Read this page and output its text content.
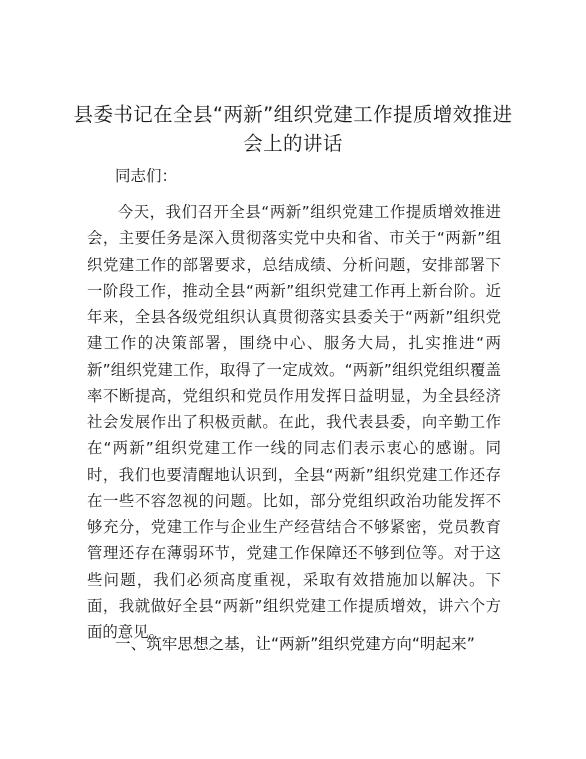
县委书记在全县“两新”组织党建工作提质增效推进会上的讲话
同志们：
今天，我们召开全县“两新”组织党建工作提质增效推进会，主要任务是深入贯彻落实党中央和省、市关于“两新”组织党建工作的部署要求，总结成绩、分析问题，安排部署下一阶段工作，推动全县“两新”组织党建工作再上新台阶。近年来，全县各级党组织认真贯彻落实县委关于“两新”组织党建工作的决策部署，围绕中心、服务大局，扎实推进“两新”组织党建工作，取得了一定成效。“两新”组织党组织覆盖率不断提高，党组织和党员作用发挥日益明显，为全县经济社会发展作出了积极贡献。在此，我代表县委，向辛勤工作在“两新”组织党建工作一线的同志们表示衷心的感谢。同时，我们也要清醒地认识到，全县“两新”组织党建工作还存在一些不容忽视的问题。比如，部分党组织政治功能发挥不够充分，党建工作与企业生产经营结合不够紧密，党员教育管理还存在薄弱环节，党建工作保障还不够到位等。对于这些问题，我们必须高度重视，采取有效措施加以解决。下面，我就做好全县“两新”组织党建工作提质增效，讲六个方面的意见。
一、筑牢思想之基，让“两新”组织党建方向“明起来”
